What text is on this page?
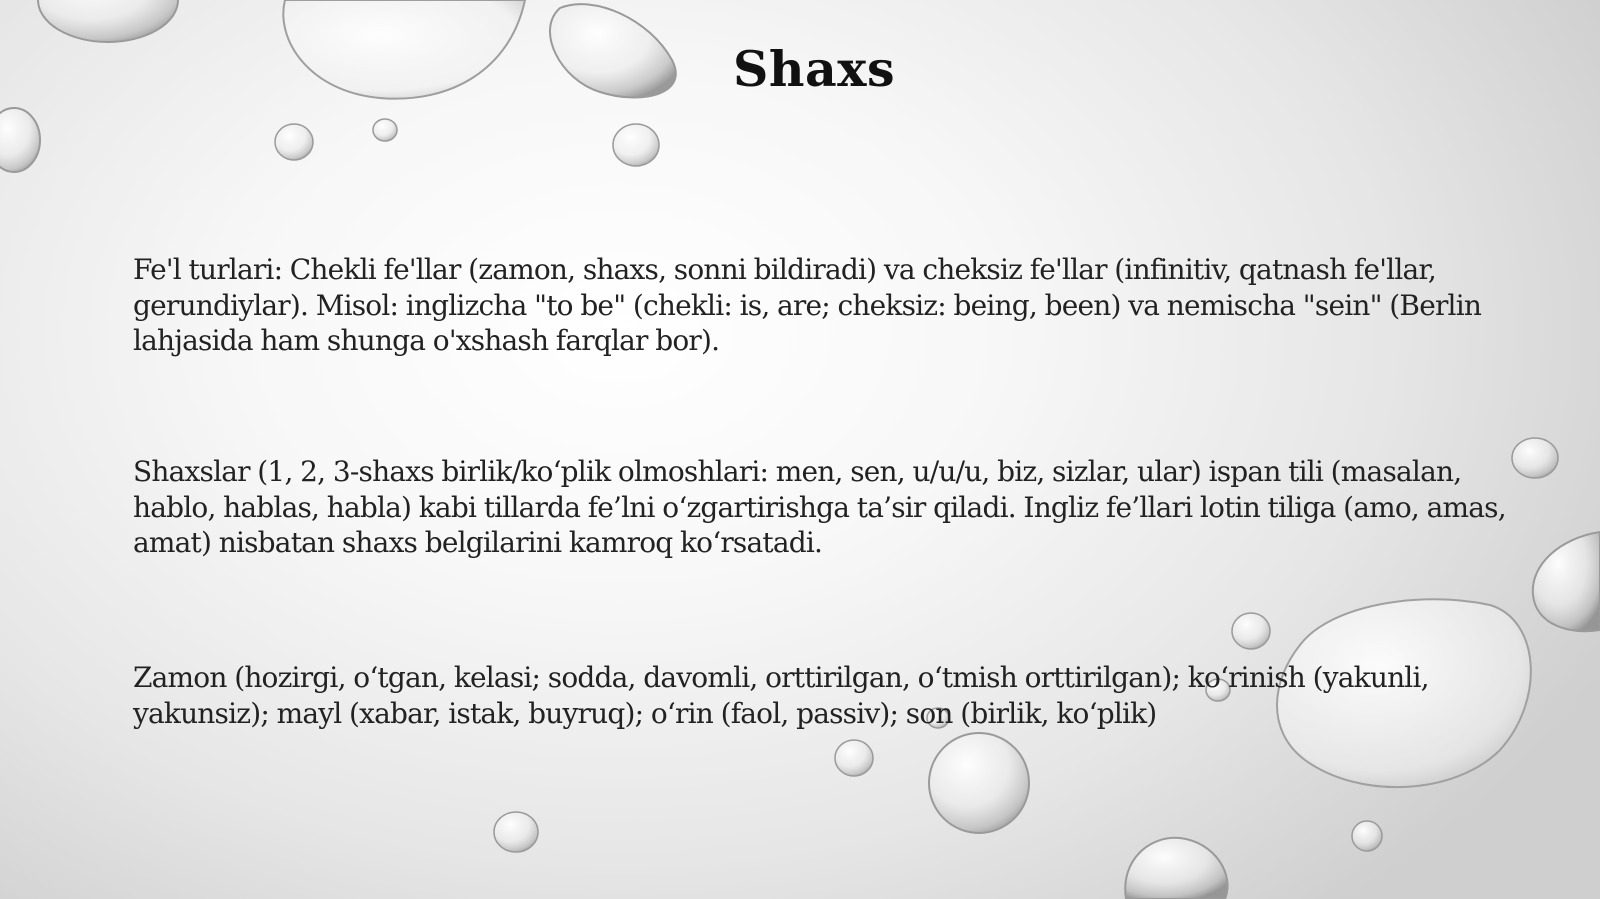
Shaxs

Fe'l turlari: Chekli fe'llar (zamon, shaxs, sonni bildiradi) va cheksiz fe'llar (infinitiv, qatnash fe'llar, gerundiylar). Misol: inglizcha "to be" (chekli: is, are; cheksiz: being, been) va nemischa "sein" (Berlin lahjasida ham shunga o'xshash farqlar bor).

Shaxslar (1, 2, 3-shaxs birlik/ko‘plik olmoshlari: men, sen, u/u/u, biz, sizlar, ular) ispan tili (masalan, hablo, hablas, habla) kabi tillarda fe’lni o‘zgartirishga ta’sir qiladi. Ingliz fe’llari lotin tiliga (amo, amas, amat) nisbatan shaxs belgilarini kamroq ko‘rsatadi.

Zamon (hozirgi, o‘tgan, kelasi; sodda, davomli, orttirilgan, o‘tmish orttirilgan); ko‘rinish (yakunli, yakunsiz); mayl (xabar, istak, buyruq); o‘rin (faol, passiv); son (birlik, ko‘plik)
